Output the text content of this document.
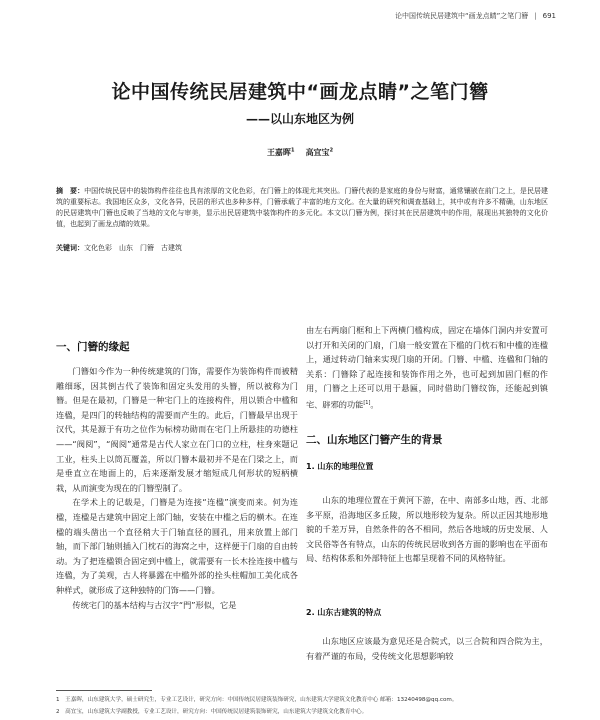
论中国传统民居建筑中“画龙点睛”之笔门簪 | 691
论中国传统民居建筑中“画龙点睛”之笔门簪
——以山东地区为例
王嘉晖$^1$ 高宜宝$^2$
摘　要：中国传统民居中的装饰构件往往也具有浓厚的文化色彩，在门簪上的体现尤其突出。门簪代表的是家庭的身份与财富，通常镶嵌在前门之上，是民居建筑的重要标志。我国地区众多，文化各异，民居的形式也多种多样，门簪承载了丰富的地方文化。在大量的研究和调查基础上，其中或有许多不精确，山东地区的民居建筑中门簪也反映了当地的文化与审美，显示出民居建筑中装饰构件的多元化。本文以门簪为例，探讨其在民居建筑中的作用，展现出其独特的文化价值，也起到了画龙点睛的效果。
关键词：文化色彩　山东　门簪　古建筑
一、门簪的缘起

门簪如今作为一种传统建筑的门饰，需要作为装饰构件而被精雕细琢，因其倒古代了装饰和固定头发用的头簪，所以被称为门簪。但是在最初，门簪是一种宅门上的连接构件，用以锁合中槛和连楹，是四门的转轴结构的需要而产生的。此后，门簪最早出现于汉代，其是源于有功之位作为标榜功勋而在宅门上所悬挂的功德柱——“阀阅”，“阀阅”通常是古代人家立在门口的立柱，柱身來题记工业，柱头上以筒瓦覆盖，所以门簪本最初并不是在门梁之上，而是垂直立在地面上的，后来逐渐发展才缩短成几何形状的短柄横栽，从而演变为现在的门簪型制了。

在学术上的记载是，门簪是为连接“连楹”演变而来。何为连楹，连楹是古建筑中固定上部门轴，安装在中槛之后的横木。在连楹的端头凿出一个直径稍大于门轴直径的圆孔，用来放置上部门轴，而下部门轴则插入门枕石的海窝之中，这样便于门扇的自由转动。为了把连楹锁合固定到中槛上，就需要有一长木拴连接中槛与连楹，为了美观，古人将暴露在中槛外部的拴头柱帽加工美化成各种样式，就形成了这种独特的门饰——门簪。

传统宅门的基本结构与古汉字“門”形似，它是

由左右两扇门框和上下两横门槛构成，固定在墙体门洞内并安置可以打开和关闭的门扇，门扇一般安置在下槛的门枕石和中槛的连楹上，通过转动门轴来实现门扇的开闭。门簪、中槛、连楹和门轴的关系：门簪除了起连接和装饰作用之外，也可起到加固门框的作用，门簪之上还可以用于悬匾，同时借助门簪纹饰，还能起到镇宅、辟邪的功能[1]。

二、山东地区门簪产生的背景
1. 山东的地理位置

山东的地理位置在于黄河下游，在中、南部多山地，西、北部多平原，沿海地区多丘陵，所以地形较为复杂。所以正因其地形地貌的千差万异，自然条件的各不相同，然后各地域的历史发展、人文民俗等各有特点，山东的传统民居收到各方面的影响也在平面布局、结构体系和外部特征上也都呈现着不同的风格特征。

2. 山东古建筑的特点

山东地区应该最为意见还是合院式，以三合院和四合院为主，有着严谨的布局，受传统文化思想影响较

1　王嘉晖，山东建筑大学，硕士研究生，专业工艺设计，研究方向：中国传统民居建筑装饰研究，山东建筑大学建筑文化教育中心 邮箱：13240498@qq.com。
2　高宜宝，山东建筑大学副教授，专业工艺设计，研究方向：中国传统民居建筑装饰研究，山东建筑大学建筑文化教育中心。
